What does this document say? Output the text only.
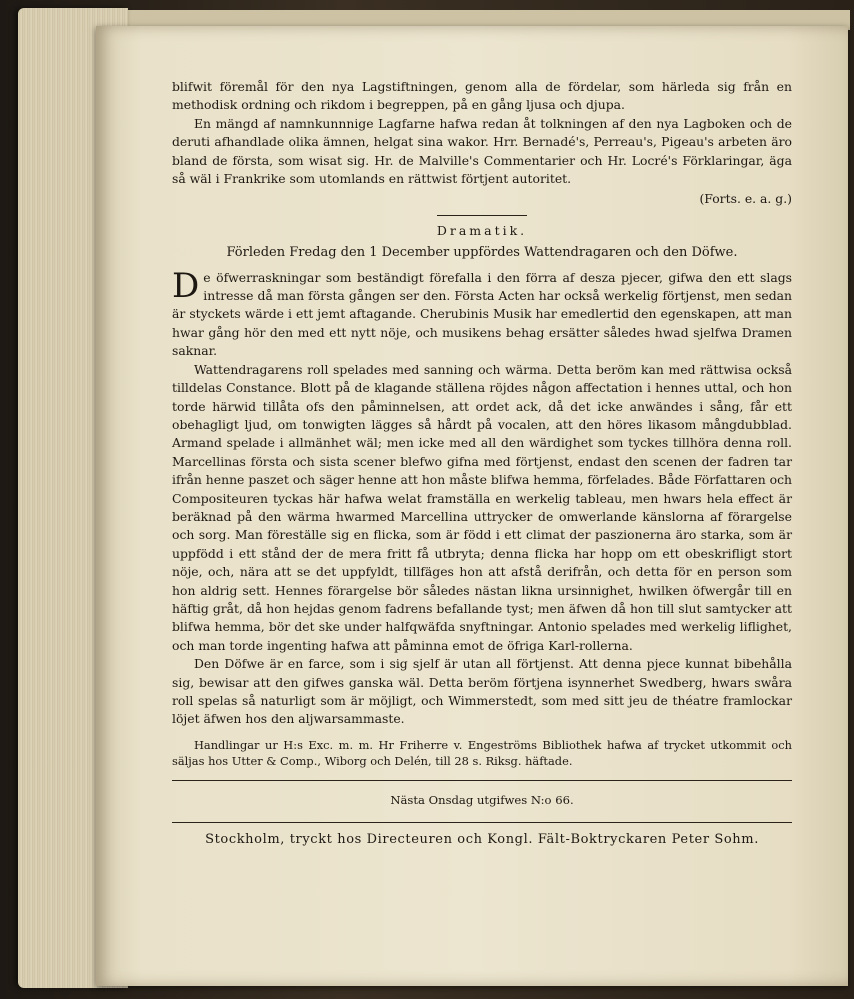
blifwit föremål för den nya Lagstiftningen, genom alla de fördelar, som härleda sig från en methodisk ordning och rikdom i begreppen, på en gång ljusa och djupa.

En mängd af namnkunnnige Lagfarne hafwa redan åt tolkningen af den nya Lagboken och de deruti afhandlade olika ämnen, helgat sina wakor. Hrr. Bernadé's, Perreau's, Pigeau's arbeten äro bland de första, som wisat sig. Hr. de Malville's Commentarier och Hr. Locré's Förklaringar, äga så wäl i Frankrike som utomlands en rättwist förtjent autoritet.

(Forts. e. a. g.)

Dramatik.

Förleden Fredag den 1 December uppfördes Wattendragaren och den Döfwe.

De öfwerraskningar som beständigt förefalla i den förra af desza pjecer, gifwa den ett slags intresse då man första gången ser den. Första Acten har också werkelig förtjenst, men sedan är styckets wärde i ett jemt aftagande. Cherubinis Musik har emedlertid den egenskapen, att man hwar gång hör den med ett nytt nöje, och musikens behag ersätter således hwad sjelfwa Dramen saknar.

Wattendragarens roll spelades med sanning och wärma. Detta beröm kan med rättwisa också tilldelas Constance. Blott på de klagande ställena röjdes någon affectation i hennes uttal, och hon torde härwid tillåta ofs den påminnelsen, att ordet ack, då det icke anwändes i sång, får ett obehagligt ljud, om tonwigten lägges så hårdt på vocalen, att den höres likasom mångdubblad. Armand spelade i allmänhet wäl; men icke med all den wärdighet som tyckes tillhöra denna roll. Marcellinas första och sista scener blefwo gifna med förtjenst, endast den scenen der fadren tar ifrån henne paszet och säger henne att hon måste blifwa hemma, förfelades. Både Författaren och Compositeuren tyckas här hafwa welat framställa en werkelig tableau, men hwars hela effect är beräknad på den wärma hwarmed Marcellina uttrycker de omwerlande känslorna af förargelse och sorg. Man föreställe sig en flicka, som är född i ett climat der paszionerna äro starka, som är uppfödd i ett stånd der de mera fritt få utbryta; denna flicka har hopp om ett obeskrifligt stort nöje, och, nära att se det uppfyldt, tillfäges hon att afstå derifrån, och detta för en person som hon aldrig sett. Hennes förargelse bör således nästan likna ursinnighet, hwilken öfwergår till en häftig gråt, då hon hejdas genom fadrens befallande tyst; men äfwen då hon till slut samtycker att blifwa hemma, bör det ske under halfqwäfda snyftningar. Antonio spelades med werkelig liflighet, och man torde ingenting hafwa att påminna emot de öfriga Karl-rollerna.

Den Döfwe är en farce, som i sig sjelf är utan all förtjenst. Att denna pjece kunnat bibehålla sig, bewisar att den gifwes ganska wäl. Detta beröm förtjena isynnerhet Swedberg, hwars swåra roll spelas så naturligt som är möjligt, och Wimmerstedt, som med sitt jeu de théatre framlockar löjet äfwen hos den aljwarsammaste.

Handlingar ur H:s Exc. m. m. Hr Friherre v. Engeströms Bibliothek hafwa af trycket utkommit och säljas hos Utter & Comp., Wiborg och Delén, till 28 s. Riksg. häftade.

Nästa Onsdag utgifwes N:o 66.

Stockholm, tryckt hos Directeuren och Kongl. Fält-Boktryckaren Peter Sohm.
